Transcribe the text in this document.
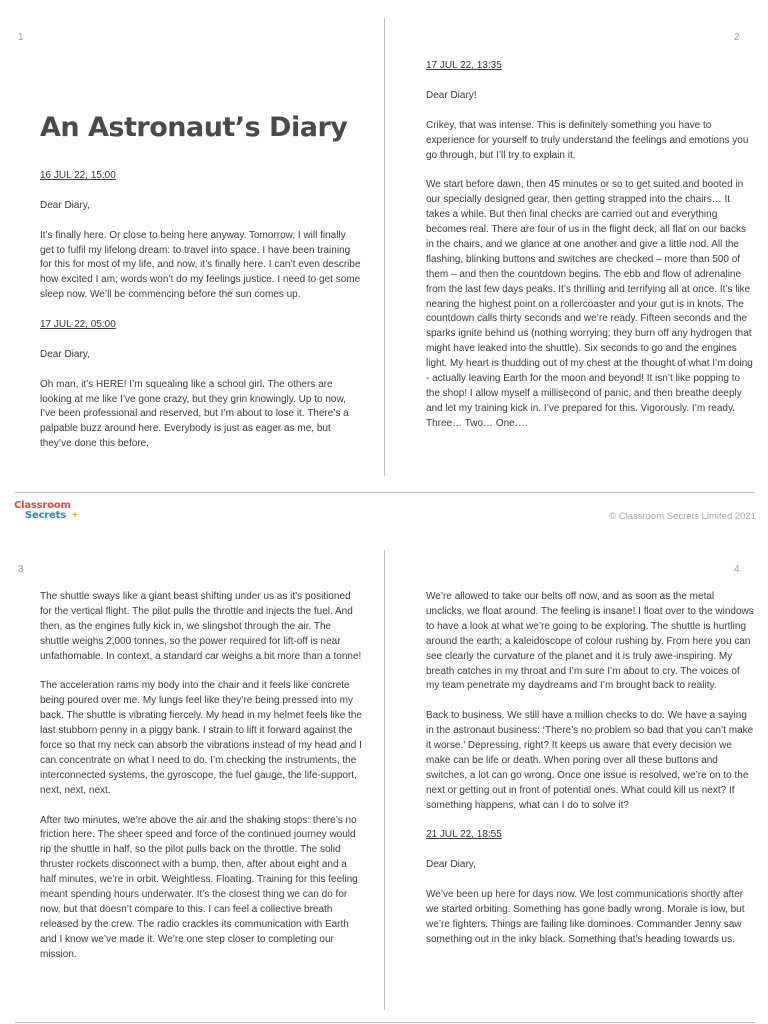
1	2
3	4
An Astronaut’s Diary

16 JUL 22, 15:00

Dear Diary,

It’s finally here. Or close to being here anyway. Tomorrow, I will finally get to fulfil my lifelong dream: to travel into space. I have been training for this for most of my life, and now, it’s finally here. I can’t even describe how excited I am; words won’t do my feelings justice. I need to get some sleep now. We’ll be commencing before the sun comes up.

17 JUL 22, 05:00

Dear Diary,

Oh man, it’s HERE! I’m squealing like a school girl. The others are looking at me like I’ve gone crazy, but they grin knowingly. Up to now, I’ve been professional and reserved, but I’m about to lose it. There’s a palpable buzz around here. Everybody is just as eager as me, but they’ve done this before.

17 JUL 22, 13:35

Dear Diary!

Crikey, that was intense. This is definitely something you have to experience for yourself to truly understand the feelings and emotions you go through, but I’ll try to explain it.

We start before dawn, then 45 minutes or so to get suited and booted in our specially designed gear, then getting strapped into the chairs… It takes a while. But then final checks are carried out and everything becomes real. There are four of us in the flight deck, all flat on our backs in the chairs, and we glance at one another and give a little nod. All the flashing, blinking buttons and switches are checked – more than 500 of them – and then the countdown begins. The ebb and flow of adrenaline from the last few days peaks. It’s thrilling and terrifying all at once. It’s like nearing the highest point on a rollercoaster and your gut is in knots. The countdown calls thirty seconds and we’re ready. Fifteen seconds and the sparks ignite behind us (nothing worrying; they burn off any hydrogen that might have leaked into the shuttle). Six seconds to go and the engines light. My heart is thudding out of my chest at the thought of what I’m doing - actually leaving Earth for the moon and beyond! It isn’t like popping to the shop! I allow myself a millisecond of panic, and then breathe deeply and let my training kick in. I’ve prepared for this. Vigorously. I’m ready. Three… Two… One….

Classroom
Secrets +	© Classroom Secrets Limited 2021

The shuttle sways like a giant beast shifting under us as it’s positioned for the vertical flight. The pilot pulls the throttle and injects the fuel. And then, as the engines fully kick in, we slingshot through the air. The shuttle weighs 2,000 tonnes, so the power required for lift-off is near unfathomable. In context, a standard car weighs a bit more than a tonne!

The acceleration rams my body into the chair and it feels like concrete being poured over me. My lungs feel like they’re being pressed into my back. The shuttle is vibrating fiercely. My head in my helmet feels like the last stubborn penny in a piggy bank. I strain to lift it forward against the force so that my neck can absorb the vibrations instead of my head and I can concentrate on what I need to do. I’m checking the instruments, the interconnected systems, the gyroscope, the fuel gauge, the life-support, next, next, next.

After two minutes, we’re above the air and the shaking stops: there’s no friction here. The sheer speed and force of the continued journey would rip the shuttle in half, so the pilot pulls back on the throttle. The solid thruster rockets disconnect with a bump, then, after about eight and a half minutes, we’re in orbit. Weightless. Floating. Training for this feeling meant spending hours underwater. It’s the closest thing we can do for now, but that doesn’t compare to this. I can feel a collective breath released by the crew. The radio crackles its communication with Earth and I know we’ve made it. We’re one step closer to completing our mission.

We’re allowed to take our belts off now, and as soon as the metal unclicks, we float around. The feeling is insane! I float over to the windows to have a look at what we’re going to be exploring. The shuttle is hurtling around the earth; a kaleidoscope of colour rushing by. From here you can see clearly the curvature of the planet and it is truly awe-inspiring. My breath catches in my throat and I’m sure I’m about to cry. The voices of my team penetrate my daydreams and I’m brought back to reality.

Back to business. We still have a million checks to do. We have a saying in the astronaut business: ‘There’s no problem so bad that you can’t make it worse.’ Depressing, right? It keeps us aware that every decision we make can be life or death. When poring over all these buttons and switches, a lot can go wrong. Once one issue is resolved, we’re on to the next or getting out in front of potential ones. What could kill us next? If something happens, what can I do to solve it?

21 JUL 22, 18:55

Dear Diary,

We’ve been up here for days now. We lost communications shortly after we started orbiting. Something has gone badly wrong. Morale is low, but we’re fighters. Things are failing like dominoes. Commander Jenny saw something out in the inky black. Something that’s heading towards us.
